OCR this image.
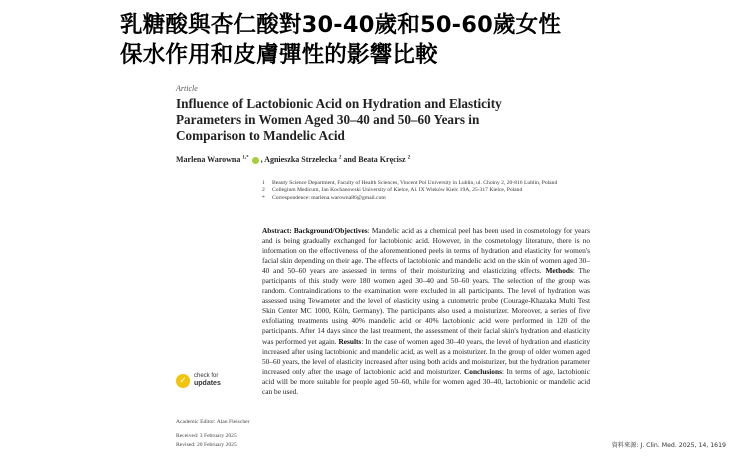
乳糖酸與杏仁酸對30-40歲和50-60歲女性
保水作用和皮膚彈性的影響比較
Article
Influence of Lactobionic Acid on Hydration and Elasticity
Parameters in Women Aged 30–40 and 50–60 Years in
Comparison to Mandelic Acid
Marlena Warowna $^{1,*}$ , Agnieszka Strzelecka $^2$ and Beata Kręcisz $^2$
1	Beauty Science Department, Faculty of Health Sciences, Vincent Pol University in Lublin, ul. Choiny 2, 20-816 Lublin, Poland
2	Collegium Medicum, Jan Kochanowski University of Kielce, Al. IX Wieków Kielc 19A, 25-317 Kielce, Poland
*	Correspondence: marlena.warowna86@gmail.com
Abstract: Background/Objectives: Mandelic acid as a chemical peel has been used in cosmetology for years and is being gradually exchanged for lactobionic acid. However, in the cosmetology literature, there is no information on the effectiveness of the aforementioned peels in terms of hydration and elasticity for women's facial skin depending on their age. The effects of lactobionic and mandelic acid on the skin of women aged 30–40 and 50–60 years are assessed in terms of their moisturizing and elasticizing effects. Methods: The participants of this study were 180 women aged 30–40 and 50–60 years. The selection of the group was random. Contraindications to the examination were excluded in all participants. The level of hydration was assessed using Tewameter and the level of elasticity using a cutometric probe (Courage-Khazaka Multi Test Skin Center MC 1000, Köln, Germany). The participants also used a moisturizer. Moreover, a series of five exfoliating treatments using 40% mandelic acid or 40% lactobionic acid were performed in 120 of the participants. After 14 days since the last treatment, the assessment of their facial skin's hydration and elasticity was performed yet again. Results: In the case of women aged 30–40 years, the level of hydration and elasticity increased after using lactobionic and mandelic acid, as well as a moisturizer. In the group of older women aged 50–60 years, the level of elasticity increased after using both acids and moisturizer, but the hydration parameter increased only after the usage of lactobionic acid and moisturizer. Conclusions: In terms of age, lactobionic acid will be more suitable for people aged 50–60, while for women aged 30–40, lactobionic or mandelic acid can be used.
✓	check for
updates
Academic Editor: Alan Fleischer
Received: 3 February 2025
Revised: 20 February 2025	資料來源: J. Clin. Med. 2025, 14, 1619
